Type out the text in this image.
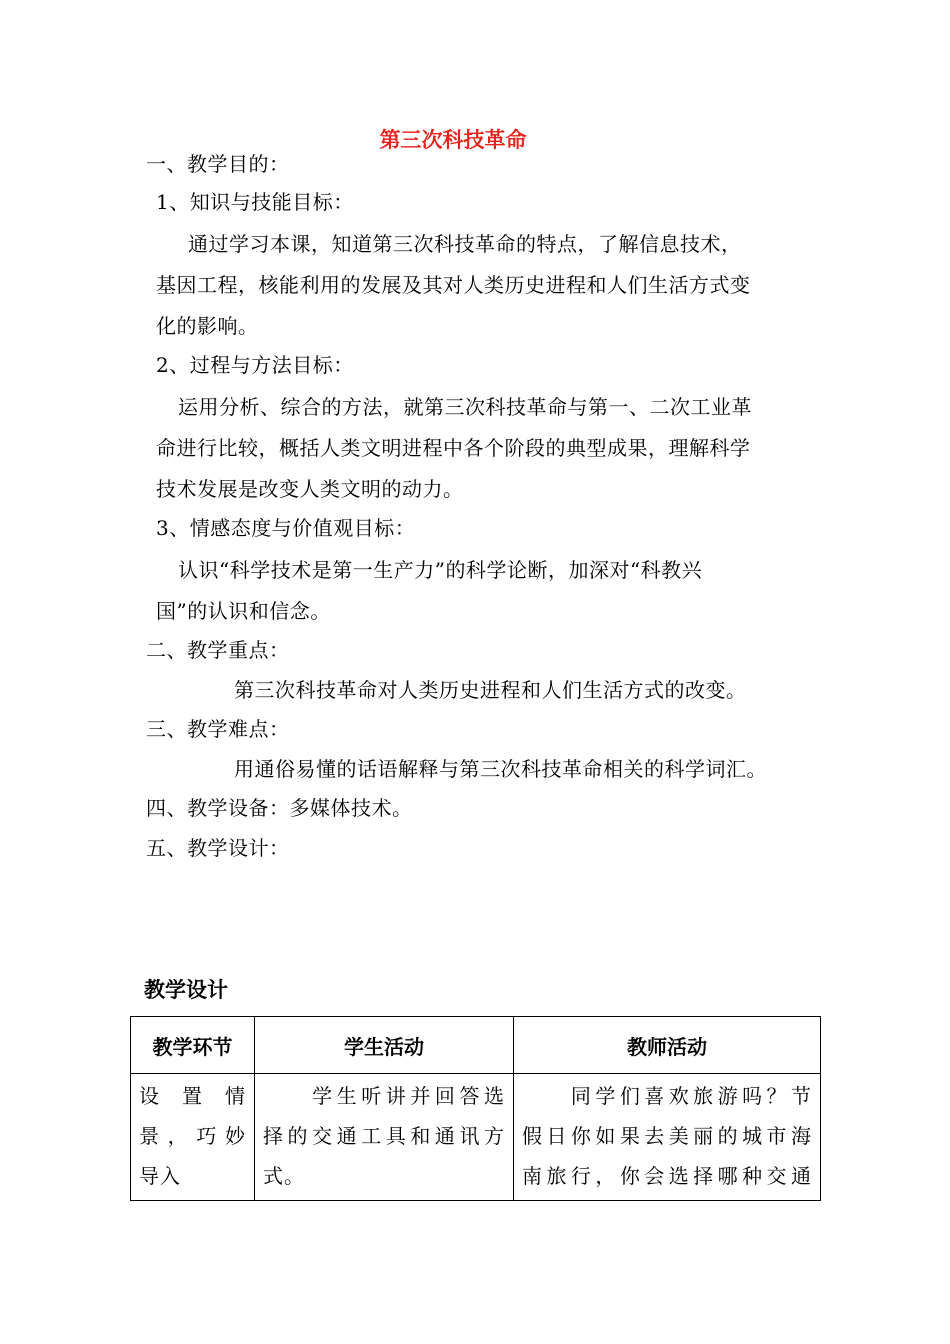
第三次科技革命
一、教学目的：
1、知识与技能目标：
通过学习本课，知道第三次科技革命的特点，了解信息技术，
基因工程，核能利用的发展及其对人类历史进程和人们生活方式变
化的影响。
2、过程与方法目标：
运用分析、综合的方法，就第三次科技革命与第一、二次工业革
命进行比较，概括人类文明进程中各个阶段的典型成果，理解科学
技术发展是改变人类文明的动力。
3、情感态度与价值观目标：
认识“科学技术是第一生产力”的科学论断，加深对“科教兴
国”的认识和信念。
二、教学重点：
第三次科技革命对人类历史进程和人们生活方式的改变。
三、教学难点：
用通俗易懂的话语解释与第三次科技革命相关的科学词汇。
四、教学设备：多媒体技术。
五、教学设计：
教学设计
教学环节	学生活动	教师活动

设　置　情
景，巧妙
导入	　　学生听讲并回答选
择的交通工具和通讯方
式。	　　同学们喜欢旅游吗？节
假日你如果去美丽的城市海
南旅行，你会选择哪种交通
